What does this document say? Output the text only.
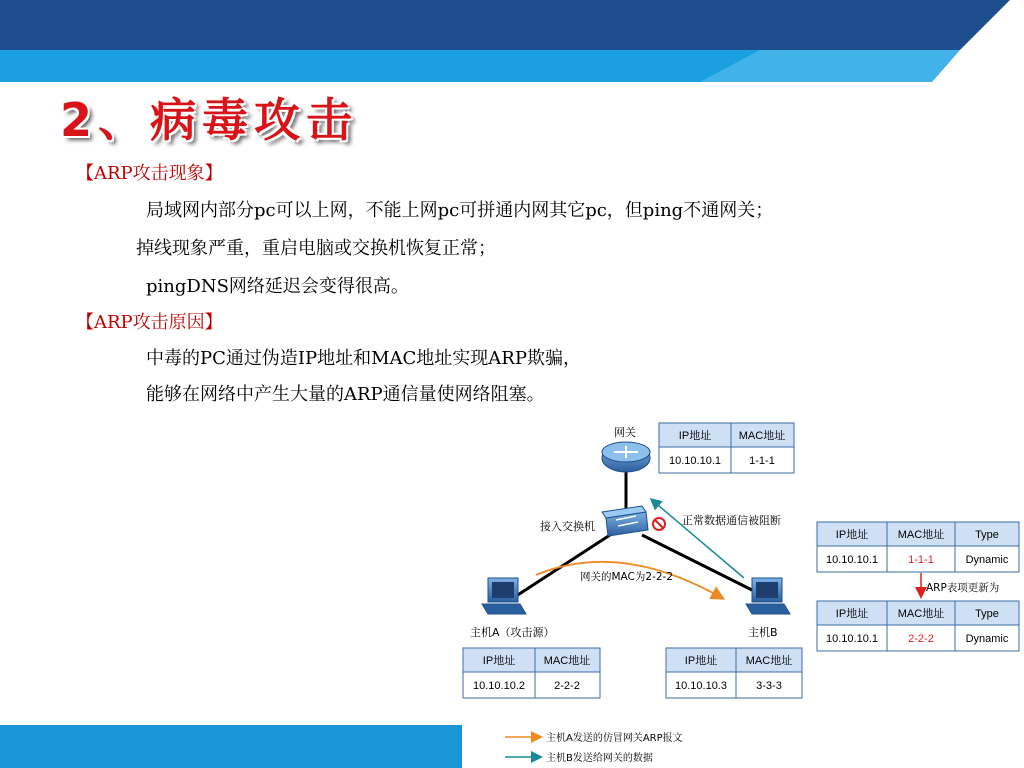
2、病毒攻击
【ARP攻击现象】
局域网内部分pc可以上网，不能上网pc可拼通内网其它pc，但ping不通网关；
掉线现象严重，重启电脑或交换机恢复正常；
pingDNS网络延迟会变得很高。
【ARP攻击原因】
中毒的PC通过伪造IP地址和MAC地址实现ARP欺骗，
能够在网络中产生大量的ARP通信量使网络阻塞。
网关
接入交换机
主机A（攻击源）	主机B
网关的MAC为2-2-2
正常数据通信被阻断
IP地址	MAC地址
10.10.10.1	1-1-1
IP地址	MAC地址
10.10.10.2	2-2-2
IP地址	MAC地址
10.10.10.3	3-3-3
IP地址	MAC地址	Type
10.10.10.1	1-1-1	Dynamic
ARP表项更新为
IP地址	MAC地址	Type
10.10.10.1	2-2-2	Dynamic
主机A发送的仿冒网关ARP报文
主机B发送给网关的数据
